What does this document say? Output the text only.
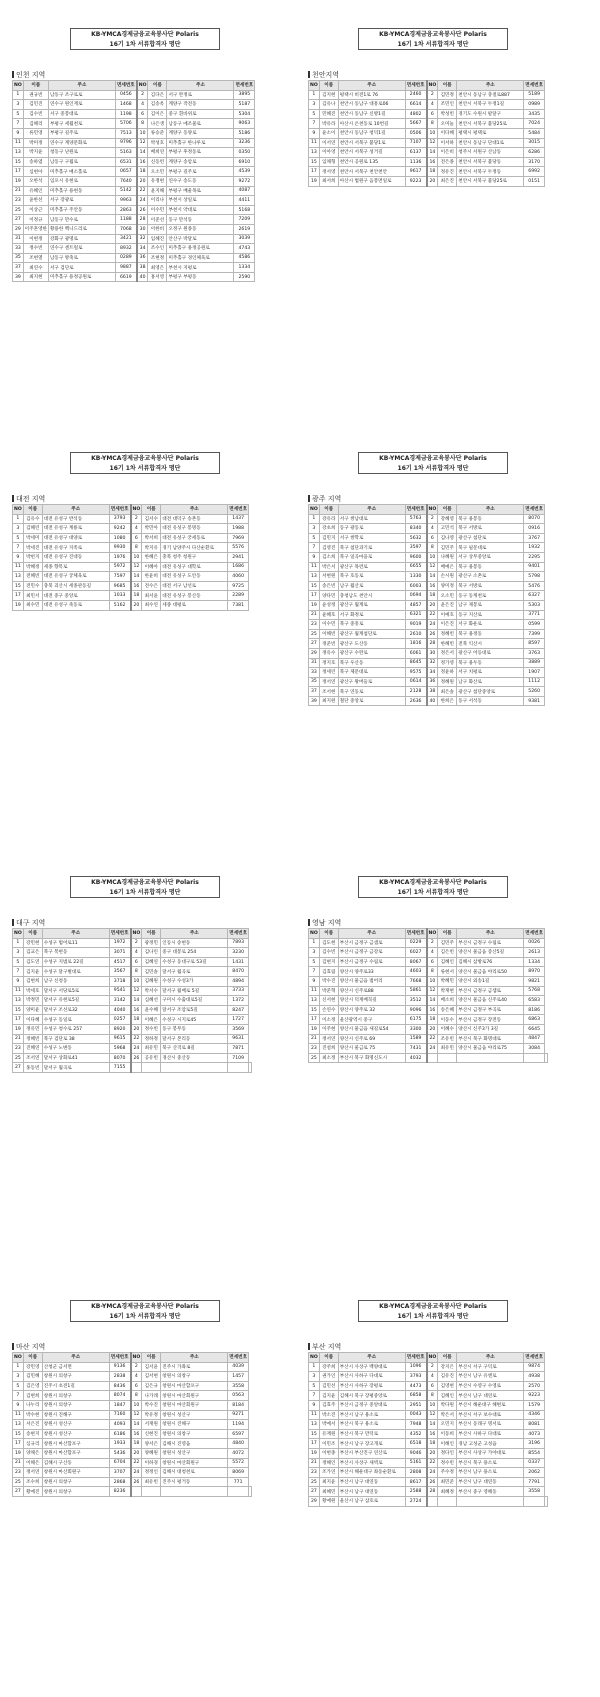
KB-YMCA경제금융교육봉사단 Polaris
16기 1차 서류합격자 명단
인천 지역
NO	이름	주소	면세번호	NO	이름	주소	면세번호
1	권규빈	남동구 조구로로	0456	2	김다은	서구 완정로	3895
3	김민진	연수구 원인재로	1468	4	김송옥	계양구 작전동	5187
5	김수빈	서구 중봉대로	1198	6	김이은	중구 흰바위로	5304
7	김해리	부평구 세월천로	5706	8	나은생	남동구 애조물로	9063
9	류민영	부평구 길주로	7513	10	류승준	계양구 동양로	5186
11	박미정	연수구 계양문화로	9796	12	박성호	미추홀구 한나루로	3236
13	박지윤	청동구 난원로	5163	14	배희연	부평구 후정동로	0350
15	송하엽	남동구 구월로	6531	16	신동빈	계양구 송암로	6910
17	심현아	미추홀구 매소홀로	0657	18	오소민	부평구 길주로	4539
19	오한석	임포시 유현로	7640	20	유정현	연수구 송도동	9272
21	유혜인	미추홀구 용현동	5142	22	윤지해	부평구 배울목로	4087
23	윤한선	서구 장광로	9963	24	이리나	부천시 상일로	4411
25	이상근	미추홀구 주안동	2863	26	이수민	부천시 약대로	5168
27	이정규	남동구 만수로	1188	28	이준선	동구 만석동	7209
29	이주혼영한	황용한 백니드리로	7068	30	이한비	오정구 원종동	2619
31	이현정	강화구 광명로	3421	32	임혜진	안산구 박달로	3039
33	정수빈	연수구 센트럴로	8932	34	조수인	미추홀구 용정공원로	4743
35	조현열	남동구 방축로	0289	36	조현정	미추홀구 경인체육로	4586
37	최연수	서구 검단로	9887	38	최영은	부천시 지평로	1334
39	최지현	미추홀구 용정공원로	6619	40	홍서영	부평구 부평동	2590
KB-YMCA경제금융교육봉사단 Polaris
16기 1차 서류합격자 명단
천안지역
NO	이름	주소	면세번호	NO	이름	주소	면세번호
1	김지현	평택시 비전1로 76	2460	2	김민정	천안시 동남구 충절로887	5189
3	김유나	천안시 동남구 대흥로06	6614	4	조민인	천안시 서북구 두정1길	0989
5	민혜진	천안시 동남구 신방1길	4802	6	박성빈	경기도 수원시 팔달구	3435
7	박유라	아산시 온천동로 10번길	5667	8	오미늘	천안시 서북구 불당25로	7024
9	윤소이	천안시 동남구 청덕1길	0506	10	이다혜	평택시 평택로	5484
11	이서연	천안시 서북구 불당1로	7107	12	이서하	천안시 동남구 단대1로	3015
13	이아영	천안시 서북구 성거길	6137	14	이은비	청주시 서원구 산남동	6286
15	임채형	천안시 공원로 135	1136	16	전은종	천안시 서북구 불당동	3170
17	정서영	천안시 서북구 천안천안	9617	18	정유진	천안시 서북구 두정동	6992
19	최서희	아산시 법원구 음봉면일로	9223	20	최은진	천안시 서북구 불당25로	0151
KB-YMCA경제금융교육봉사단 Polaris
16기 1차 서류합격자 명단
대전 지역
NO	이름	주소	면세번호	NO	이름	주소	면세번호
1	김유수	대전 유성구 반석동	3793	2	김서수	대전 대덕구 송촌동	1437
3	김혜린	대전 유성구 계룡로	9242	4	박민아	대전 유성구 봉명동	1988
5	박세미	대전 유성구 대양로	1080	6	박서희	대전 유성구 궁세동로	7969
7	박세진	대전 유성구 지족로	9930	8	박지유	경기 남양주시 다산순환로	5576
9	박헌지	대전 유성구 진대동	1976	10	한혜은	충북 청주 청원구	2941
11	박혜정	세종 향복로	5972	12	이혜아	대전 유성구 대학로	1686
13	전혜빈	대전 유성구 궁체육로	7597	14	한윤희	대전 유성구 도안동	4060
15	전민수	충북 괴산시 세종관동길	9685	16	전수은	대전 서구 남선로	9725
17	최민서	대전 중구 중앙로	1033	18	최서윤	대전 유성구 봉산동	2289
19	최수민	대전 유성구 죽동로	5162	20	최수연	세종 대평로	7381
KB-YMCA경제금융교육봉사단 Polaris
16기 1차 서류합격자 명단
광주 지역
NO	이름	주소	면세번호	NO	이름	주소	면세번호
1	강유라	서구 쌍남대로	5763	2	강혜영	북구 용봉동	8070
3	강초희	동구 광동로	8340	4	고민석	북구 서방로	0916
5	김민지	서구 쌍학로	5632	6	김나영	광산구 첨단로	3767
7	김영진	북구 첨단과기로	3597	8	김민주	북구 필문대로	1932
9	김소희	북구 일곡마을로	9600	10	나혜원	서구 상무중앙로	2295
11	박은서	광산구 목련로	6655	12	배예은	북구 용봉동	9401
13	서현원	북구 호동로	1330	14	손시원	광산구 소촌로	5798
15	송은빈	남구 월산로	6003	16	양미정	북구 서방로	5476
17	양다민	충청남도 천안시	0694	18	오소민	동구 동계천로	6327
19	윤성정	광산구 월계로	4857	20	윤은진	남구 제봉로	5303
21	윤혜호	서구 화정로	6321	22	이예호	동구 지산로	3771
23	이수민	북구 중흥로	9019	24	이은진	서구 화운로	0599
25	이해빈	광산구 월계첨단로	2610	26	정혜빈	북구 용정동	7399
27	정준빈	광산구 도산동	1816	28	한혜빈	전북 익산시	8597
29	정유수	광산구 수완로	6061	30	정은서	광산구 어등대로	3763
31	정지호	북구 우산동	8645	32	정가영	북구 용두동	3889
33	정세린	북구 제문대로	9575	34	정윤하	서구 치평로	1907
35	정서연	광산구 왕버들로	0614	36	정혜원	남구 화산로	1112
37	조서현	북구 연동로	2128	38	최은솔	광산구 첨단중앙로	5260
39	최지원	철단 중앙로	2636	40	한희은	동구 서석동	9381
KB-YMCA경제금융교육봉사단 Polaris
16기 1차 서류합격자 명단
대구 지역
NO	이름	주소	면세번호	NO	이름	주소	면세번호	
1	강민현	수성구 범어로11	1972	2	광정민	인동시 송현동	7893	
3	김교은	북구 복현동	3071	4	김나린	중구 대봉로 254	3230	
5	김도연	수성구 지범로 22길	4517	6	김혜연	수성구 동대구로 53길	1431	
7	김지윤	수성구 달구벌대로	3567	8	김민솔	달서구 월곡로	8470	
9	김현희	남구 신청동	3718	10	김혜원	수성구 수성3가	4894	
11	박세호	달서구 서당로5로	9541	12	박서수	달서구 월배로 5길	3733	
13	박정민	달서구 유현로5길	3142	14	심혜선	구미시 수출대로5길	1372	
15	양미윤	달서구 조선로32	4040	16	윤수혜	달서구 조암로5길	8247	
17	이다혜	수성구 동일로	0257	18	이혜은	수성구 시지로45	1727	
19	정유민	수성구 청수로 257	8920	20	정수빈	동구 봉무동	3569	
21	정혜빈	북구 검단로 38	9615	22	정하정	달서구 본리동	9631	
23	진혜연	수성구 노변동	5968	24	최유민	북구 산격로 8길	7871	
25	조서연	달서구 상화로41	8070	26	공유빈	경산시 중산동	7109	
27	홍동빈	달서구 월곡로	7155					
KB-YMCA경제금융교육봉사단 Polaris
16기 1차 서류합격자 명단
영남 지역
NO	이름	주소	면세번호	NO	이름	주소	면세번호	
1	김도현	부산시 금정구 금샘로	0229	2	김민주	부산시 금정구 수림로	0026	
3	김수빈	부산시 금정구 금강로	6027	4	김은빈	양산시 물금읍 증산5길	2613	
5	김현지	부산시 금정구 수림로	8067	6	김혜인	김해시 삼방로76	1334	
7	김효림	양산시 양주로33	4603	8	류현서	양산시 물금읍 야리로50	8970	
9	박수진	양산시 물금읍 범어리	7668	10	박혜민	양산시 외송1길	9821	
11	박준혁	양산시 신주로88	5861	12	박재현	부산시 금정구 금샘로	5768	
13	신서현	양산시 덕계배꼭길	3512	14	배소희	양산시 물금읍 신주로40	6583	
15	손연수	양산시 양주로 32	9096	16	송은혜	부산시 금정구 부곡로	8186	
17	이소정	울산광역시 중구	6175	18	이동수	부산시 금정구 장전동	6863	
19	이주현	양산시 물금읍 새길로54	3300	20	이혜수	양산시 신주3가 3길	6645	
21	정서연	양산시 신주로 69	1589	22	조유빈	부산시 북구 화명대로	4847	
23	진설희	양산시 물금로 75	7431	24	최유민	양산시 물금읍 야리로75	3084	
25	최소정	부산시 북구 화명신도시	4032					
KB-YMCA경제금융교육봉사단 Polaris
16기 1차 서류합격자 명단
마산 지역
NO	이름	주소	면세번호	NO	이름	주소	면세번호	
1	강민영	산청군 금서면	9136	2	김서윤	진주시 가좌로	4039	
3	김민혜	창원시 의창구	2838	4	김서현	창원시 의창구	1457	
5	김은영	진주시 초전1길	8436	6	김은규	창원시 마산합포구	3558	
7	김현희	창원시 의창구	8074	8	나가래	창원시 마산회원구	0563	
9	나누리	창원시 의창구	1847	10	박수진	창원시 마산회원구	8184	
11	박수현	창원시 진해구	7160	12	박유정	창원시 성산구	9271	
13	서은진	창원시 성산구	4093	14	서재원	창원시 진해구	1194	
15	송현지	창원시 성산구	6186	16	신현진	창원시 의창구	6597	
17	심규리	창원시 마산합포구	1933	18	양서은	김해시 진영읍	4840	
19	양채은	창원시 마산합포구	5436	20	양혜원	창원시 성산구	4072	
21	이해은	김해시 구산동	6704	22	이하경	창원시 마산회원구	5572	
23	정서연	창원시 마산회원구	3707	24	정정인	김해시 대청천로	8069	
25	조수희	창원시 의창구	2868	26	최유빈	진주시 평거동	771	
27	황예진	창원시 의창구	8236					
KB-YMCA경제금융교육봉사단 Polaris
16기 1차 서류합격자 명단
부산 지역
NO	이름	주소	면세번호	NO	이름	주소	면세번호	
1	강주희	부산시 사상구 백양대로	1096	2	강지은	부산시 서구 구덕로	9874	
3	권가인	부산시 사하구 다대로	3793	4	김유진	부산시 남구 유엔로	4938	
5	김민선	부산시 사하구 장평로	4473	6	김영현	부산시 수영구 수영로	2570	
7	김지윤	김해시 북구 장평중앙로	6858	8	김혜인	부산시 남구 대연로	9223	
9	김효주	부산시 금정구 중앙대로	2951	10	박다원	부산시 해운대구 해변로	1579	
11	박소진	부산시 남구 용소로	0043	12	박은서	부산시 서구 보수대로	4346	
13	박예서	부산시 북구 용소로	7948	14	오민지	부산시 동래구 명서로	8081	
15	유재원	부산시 북구 만덕로	4352	16	이동희	부산시 사하구 다대로	4073	
17	이민조	부산시 남구 장고개로	6518	18	이해인	경남 고성군 고성읍	3196	
19	이현종	부산시 부산진구 연산로	9046	20	정다인	부산시 사상구 가야대로	8554	
21	정해인	부산시 사상구 새벽로	5161	22	정수빈	부산시 북구 용소로	0337	
23	조가연	부산시 해운대구 좌동순환로	2808	24	주수정	부산시 남구 용소로	2062	
25	최지윤	부산시 남구 대연동	8617	26	최민준	부산시 남구 대연동	7791	
27	최혜민	부산시 남구 대연동	2588	28	최혜정	부산시 중구 영해동	3558	
29	황예원	울산시 남구 삼호로	2724					
